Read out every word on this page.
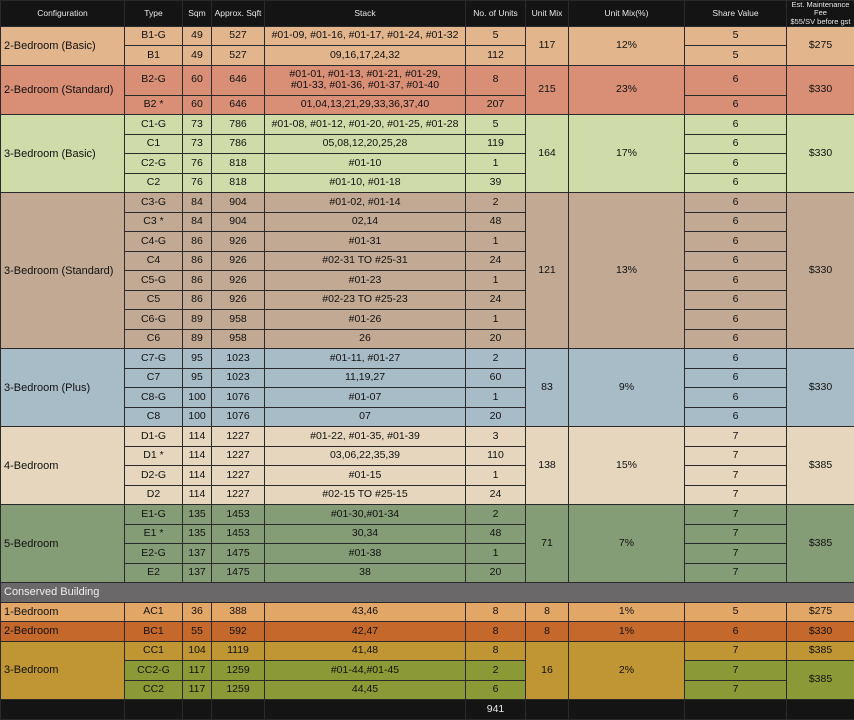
Configuration	Type	Sqm	Approx. Sqft	Stack	No. of Units	Unit Mix	Unit Mix(%)	Share Value	Est. Maintenance Fee
$55/SV before gst
2-Bedroom (Basic)	B1-G	49	527	#01-09, #01-16, #01-17, #01-24, #01-32	5	117	12%	5	$275
	B1	49	527	09,16,17,24,32	112			5	
2-Bedroom (Standard)	B2-G	60	646	#01-01, #01-13, #01-21, #01-29,
#01-33, #01-36, #01-37, #01-40	8	215	23%	6	$330
	B2 *	60	646	01,04,13,21,29,33,36,37,40	207			6	
3-Bedroom (Basic)	C1-G	73	786	#01-08, #01-12, #01-20, #01-25, #01-28	5	164	17%	6	$330
	C1	73	786	05,08,12,20,25,28	119			6	
	C2-G	76	818	#01-10	1			6	
	C2	76	818	#01-10, #01-18	39			6	
3-Bedroom (Standard)	C3-G	84	904	#01-02, #01-14	2	121	13%	6	$330
	C3 *	84	904	02,14	48			6	
	C4-G	86	926	#01-31	1			6	
	C4	86	926	#02-31 TO #25-31	24			6	
	C5-G	86	926	#01-23	1			6	
	C5	86	926	#02-23 TO #25-23	24			6	
	C6-G	89	958	#01-26	1			6	
	C6	89	958	26	20			6	
3-Bedroom (Plus)	C7-G	95	1023	#01-11, #01-27	2	83	9%	6	$330
	C7	95	1023	11,19,27	60			6	
	C8-G	100	1076	#01-07	1			6	
	C8	100	1076	07	20			6	
4-Bedroom	D1-G	114	1227	#01-22, #01-35, #01-39	3	138	15%	7	$385
	D1 *	114	1227	03,06,22,35,39	110			7	
	D2-G	114	1227	#01-15	1			7	
	D2	114	1227	#02-15 TO #25-15	24			7	
5-Bedroom	E1-G	135	1453	#01-30,#01-34	2	71	7%	7	$385
	E1 *	135	1453	30,34	48			7	
	E2-G	137	1475	#01-38	1			7	
	E2	137	1475	38	20			7	
Conserved Building									
1-Bedroom	AC1	36	388	43,46	8	8	1%	5	$275
2-Bedroom	BC1	55	592	42,47	8	8	1%	6	$330
3-Bedroom	CC1	104	1119	41,48	8	16	2%	7	$385
	CC2-G	117	1259	#01-44,#01-45	2			7	$385
	CC2	117	1259	44,45	6			7	
					941				
